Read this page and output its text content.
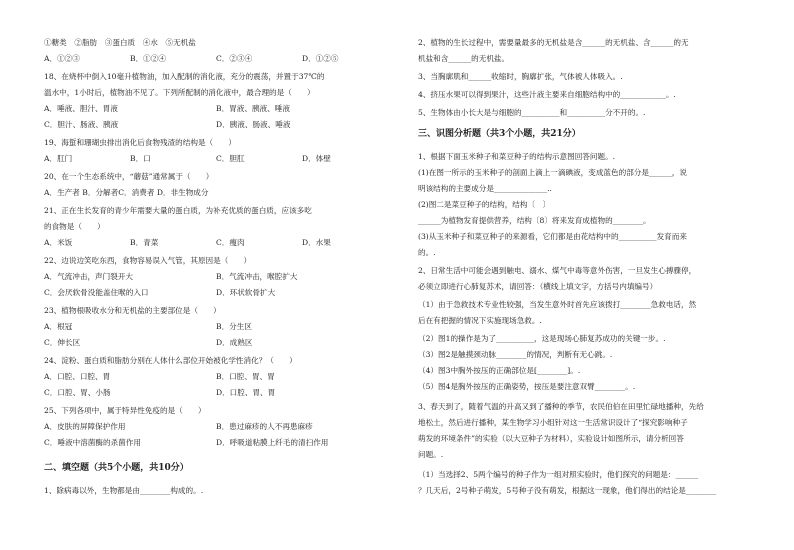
①糖类　②脂肪　③蛋白质　④水　⑤无机盐
A．①②③	B．①②④	C．②③④	D．①②⑤
18、在烧杯中倒入10毫升植物油，加入配制的消化液，充分的震荡，并置于37℃的
温水中，1小时后，植物油不见了。下列所配制的消化液中，最合理的是（　　）
A．唾液、胆汁、胃液	B．胃液、胰液、唾液
C．胆汁、肠液、胰液	D．胰液、肠液、唾液
19、海蜇和珊瑚虫排出消化后食物残渣的结构是（　　）
A．肛门	B．口	C．胆肛	D．体壁
20、在一个生态系统中，“蘑菇”通常属于（　　）
A．生产者 B．分解者C．消费者 D．非生物成分
21、正在生长发育的青少年需要大量的蛋白质，为补充优质的蛋白质，应该多吃
的食物是（　　）
A．米饭	B．青菜	C．瘦肉	D．水果
22、边说边笑吃东西，食物容易误入气管，其原因是（　　）
A．气流冲击，声门裂开大	B．气流冲击，喉腔扩大
C．会厌软骨没能盖住喉的入口	D．环状软骨扩大
23、植物根吸收水分和无机盐的主要部位是（　　）
A．根冠	B．分生区
C．伸长区	D．成熟区
24、淀粉、蛋白质和脂肪分别在人体什么部位开始被化学性消化？（　　）
A．口腔、口腔、胃	B．口腔、胃、胃
C．口腔、胃、小肠	D．口腔、胃、胃
25、下列各项中，属于特异性免疫的是（　　）
A．皮肤的屏障保护作用	B．患过麻疹的人不再患麻疹
C．唾液中溶菌酶的杀菌作用	D．呼吸道粘膜上纤毛的清扫作用
二、填空题（共5个小题，共10分）
1、除病毒以外，生物都是由________构成的。.
2、植物的生长过程中，需要量最多的无机盐是含______的无机盐、含______的无
机盐和含______的无机盐。
3、当胸廓肌和______收缩时，胸廓扩张，气体被人体吸入。.
4、挤压水果可以得到果汁，这些汁液主要来自细胞结构中的____________。.
5、生物体由小长大是与细胞的__________和__________分不开的。.
三、识图分析题（共3个小题，共21分）
1、根据下面玉米种子和菜豆种子的结构示意图回答问题。.
(1)在图一所示的玉米种子的剖面上滴上一滴碘液，变成蓝色的部分是______，说
明该结构的主要成分是______________..
(2)图二是菜豆种子的结构，结构〔　〕
______为植物发育提供营养，结构〔8〕将来发育成植物的________。
(3)从玉米种子和菜豆种子的来源看，它们都是由花结构中的__________发育而来
的。.
2、日常生活中可能会遇到触电、溺水、煤气中毒等意外伤害，一旦发生心搏骤停，
必须立即进行心肺复苏术，请回答：（横线上填文字，方括号内填编号）
（1）由于急救技术专业性较强，当发生意外时首先应该拨打________急救电话，然
后在有把握的情况下实施现场急救。.
（2）图1的操作是为了__________，这是现场心肺复苏成功的关键一步。.
（3）图2是触摸颈动脉________的情况，判断有无心跳。.
（4）图3中胸外按压的正确部位是[________]。.
（5）图4是胸外按压的正确姿势，按压是要注意双臂________。.
3、春天到了，随着气温的升高又到了播种的季节，农民伯伯在田里忙碌地播种，先给
地松土，然后进行播种，某生物学习小组针对这一生活常识设计了“探究影响种子
萌发的环境条件”的实验（以大豆种子为材料），实验设计如图所示，请分析回答
问题。.
（1）当选择2、5两个编号的种子作为一组对照实验时，他们探究的问题是：______
？几天后，2号种子萌发，5号种子没有萌发，根据这一现象，他们得出的结论是________
